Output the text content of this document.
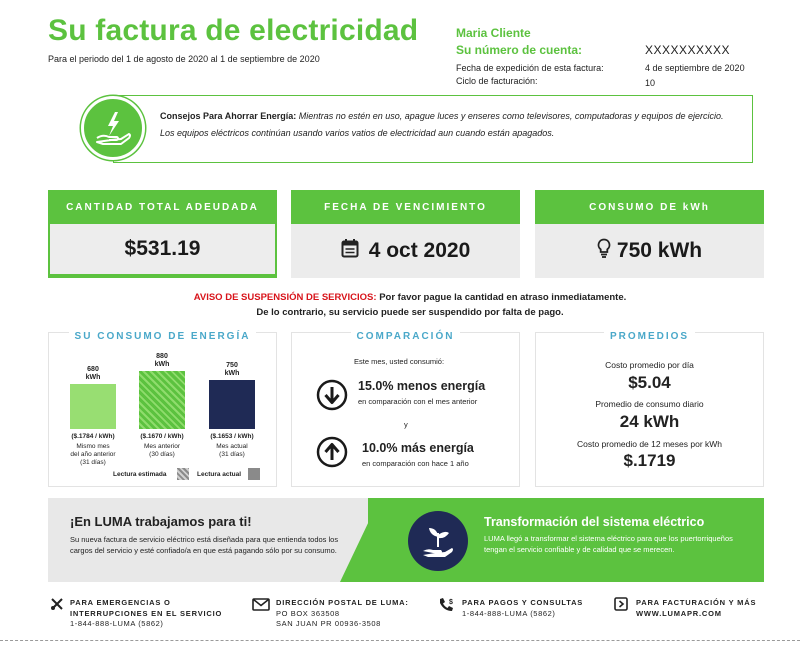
Su factura de electricidad
Para el periodo del 1 de agosto de 2020 al 1 de septiembre de 2020
Maria Cliente
Su número de cuenta:	XXXXXXXXXX
Fecha de expedición de esta factura:	4 de septiembre de 2020
Ciclo de facturación:	10
Consejos Para Ahorrar Energía: Mientras no estén en uso, apague luces y enseres como televisores, computadoras y equipos de ejercicio. Los equipos eléctricos continúan usando varios vatios de electricidad aun cuando están apagados.
CANTIDAD TOTAL ADEUDADA
$531.19
FECHA DE VENCIMIENTO
4 oct 2020
CONSUMO DE kWh
750 kWh
AVISO DE SUSPENSIÓN DE SERVICIOS: Por favor pague la cantidad en atraso inmediatamente.
De lo contrario, su servicio puede ser suspendido por falta de pago.
SU CONSUMO DE ENERGÍA
680
kWh
($.1784 / kWh)
Mismo mes
del año anterior
(31 días)
880
kWh
($.1670 / kWh)
Mes anterior
(30 días)
750
kWh
($.1653 / kWh)
Mes actual
(31 días)
Lectura estimada	Lectura actual
COMPARACIÓN
Este mes, usted consumió:
15.0% menos energía
en comparación con el mes anterior
y
10.0% más energía
en comparación con hace 1 año
PROMEDIOS
Costo promedio por día
$5.04
Promedio de consumo diario
24 kWh
Costo promedio de 12 meses por kWh
$.1719
¡En LUMA trabajamos para ti!
Su nueva factura de servicio eléctrico está diseñada para que entienda todos los cargos del servicio y esté confiado/a en que está pagando sólo por su consumo.
Transformación del sistema eléctrico
LUMA llegó a transformar el sistema eléctrico para que los puertorriqueños tengan el servicio confiable y de calidad que se merecen.
PARA EMERGENCIAS O
INTERRUPCIONES EN EL SERVICIO
1-844-888-LUMA (5862)
DIRECCIÓN POSTAL DE LUMA:
PO BOX 363508
SAN JUAN PR 00936-3508
$ PARA PAGOS Y CONSULTAS
1-844-888-LUMA (5862)
PARA FACTURACIÓN Y MÁS
WWW.LUMAPR.COM
